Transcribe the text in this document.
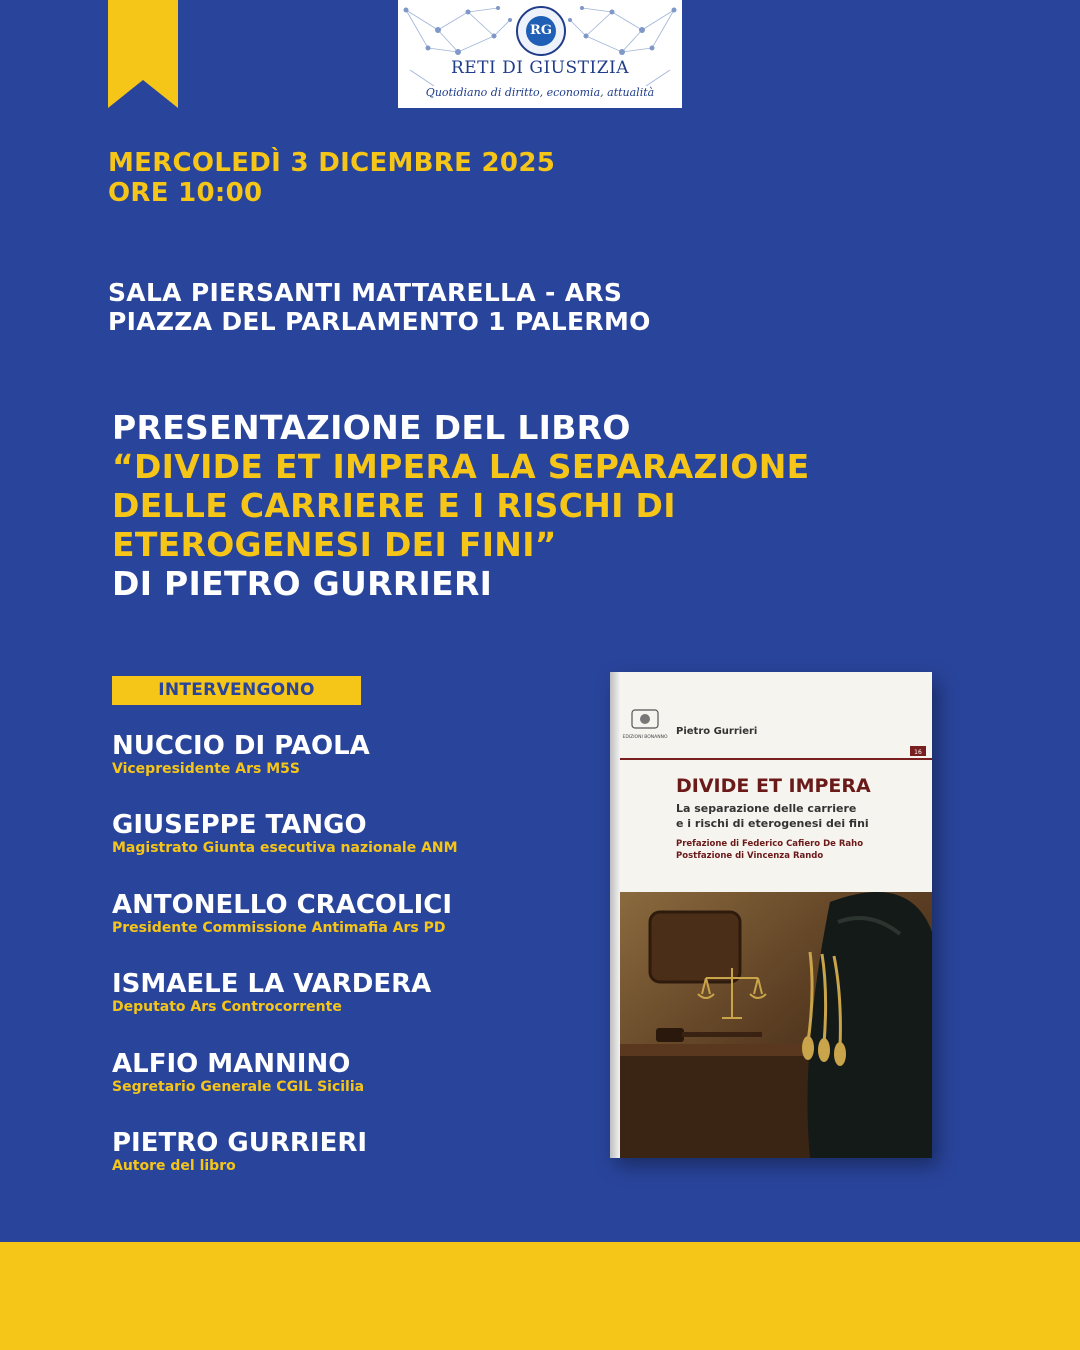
RG
RETI DI GIUSTIZIA
Quotidiano di diritto, economia, attualità
MERCOLEDÌ 3 DICEMBRE 2025
ORE 10:00
SALA PIERSANTI MATTARELLA - ARS
PIAZZA DEL PARLAMENTO 1 PALERMO
PRESENTAZIONE DEL LIBRO
“DIVIDE ET IMPERA LA SEPARAZIONE
DELLE CARRIERE E I RISCHI DI
ETEROGENESI DEI FINI”
DI PIETRO GURRIERI
INTERVENGONO
NUCCIO DI PAOLA
Vicepresidente Ars M5S
GIUSEPPE TANGO
Magistrato Giunta esecutiva nazionale ANM
ANTONELLO CRACOLICI
Presidente Commissione Antimafia Ars PD
ISMAELE LA VARDERA
Deputato Ars Controcorrente
ALFIO MANNINO
Segretario Generale CGIL Sicilia
PIETRO GURRIERI
Autore del libro
EDIZIONI BONANNO
Pietro Gurrieri
16
DIVIDE ET IMPERA
La separazione delle carriere
e i rischi di eterogenesi dei fini
Prefazione di Federico Cafiero De Raho
Postfazione di Vincenza Rando
